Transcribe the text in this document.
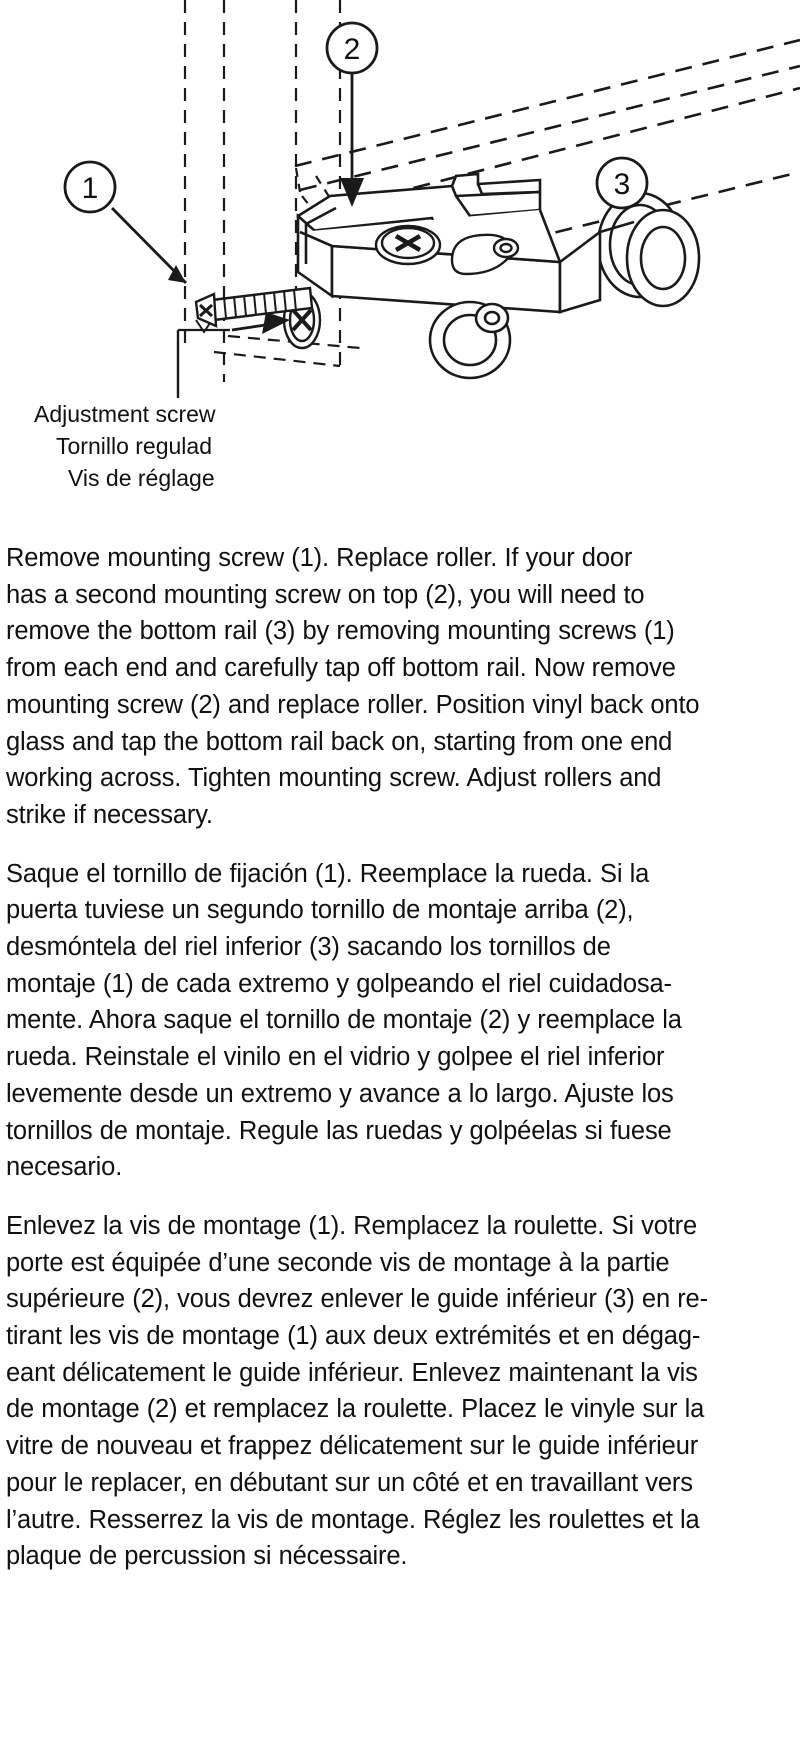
1
2
3
Adjustment screw
Tornillo regulad
Vis de réglage

Remove mounting screw (1). Replace roller. If your door
has a second mounting screw on top (2), you will need to
remove the bottom rail (3) by removing mounting screws (1)
from each end and carefully tap off bottom rail. Now remove
mounting screw (2) and replace roller. Position vinyl back onto
glass and tap the bottom rail back on, starting from one end
working across. Tighten mounting screw. Adjust rollers and
strike if necessary.

Saque el tornillo de fijación (1). Reemplace la rueda. Si la
puerta tuviese un segundo tornillo de montaje arriba (2),
desmóntela del riel inferior (3) sacando los tornillos de
montaje (1) de cada extremo y golpeando el riel cuidadosa-
mente. Ahora saque el tornillo de montaje (2) y reemplace la
rueda. Reinstale el vinilo en el vidrio y golpee el riel inferior
levemente desde un extremo y avance a lo largo. Ajuste los
tornillos de montaje. Regule las ruedas y golpéelas si fuese
necesario.

Enlevez la vis de montage (1). Remplacez la roulette. Si votre
porte est équipée d’une seconde vis de montage à la partie
supérieure (2), vous devrez enlever le guide inférieur (3) en re-
tirant les vis de montage (1) aux deux extrémités et en dégag-
eant délicatement le guide inférieur. Enlevez maintenant la vis
de montage (2) et remplacez la roulette. Placez le vinyle sur la
vitre de nouveau et frappez délicatement sur le guide inférieur
pour le replacer, en débutant sur un côté et en travaillant vers
l’autre. Resserrez la vis de montage. Réglez les roulettes et la
plaque de percussion si nécessaire.
